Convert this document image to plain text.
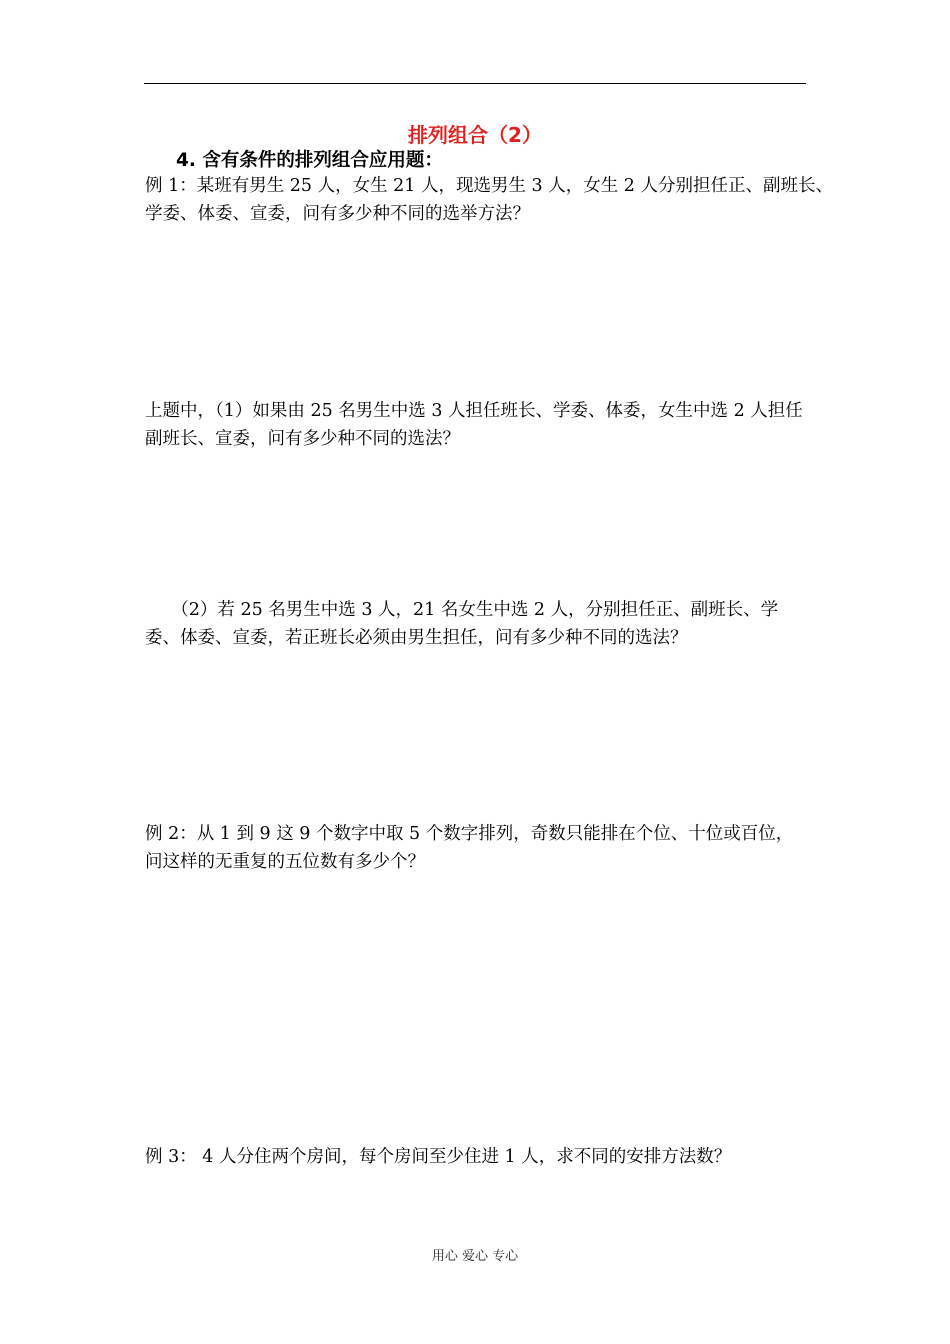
排列组合（2）
4. 含有条件的排列组合应用题：
例 1：某班有男生 25 人，女生 21 人，现选男生 3 人，女生 2 人分别担任正、副班长、
学委、体委、宣委，问有多少种不同的选举方法？
上题中，（1）如果由 25 名男生中选 3 人担任班长、学委、体委，女生中选 2 人担任
副班长、宣委，问有多少种不同的选法？
　　（2）若 25 名男生中选 3 人，21 名女生中选 2 人，分别担任正、副班长、学
委、体委、宣委，若正班长必须由男生担任，问有多少种不同的选法？
例 2：从 1 到 9 这 9 个数字中取 5 个数字排列，奇数只能排在个位、十位或百位，
问这样的无重复的五位数有多少个？
例 3： 4 人分住两个房间，每个房间至少住进 1 人，求不同的安排方法数？
用心 爱心 专心
